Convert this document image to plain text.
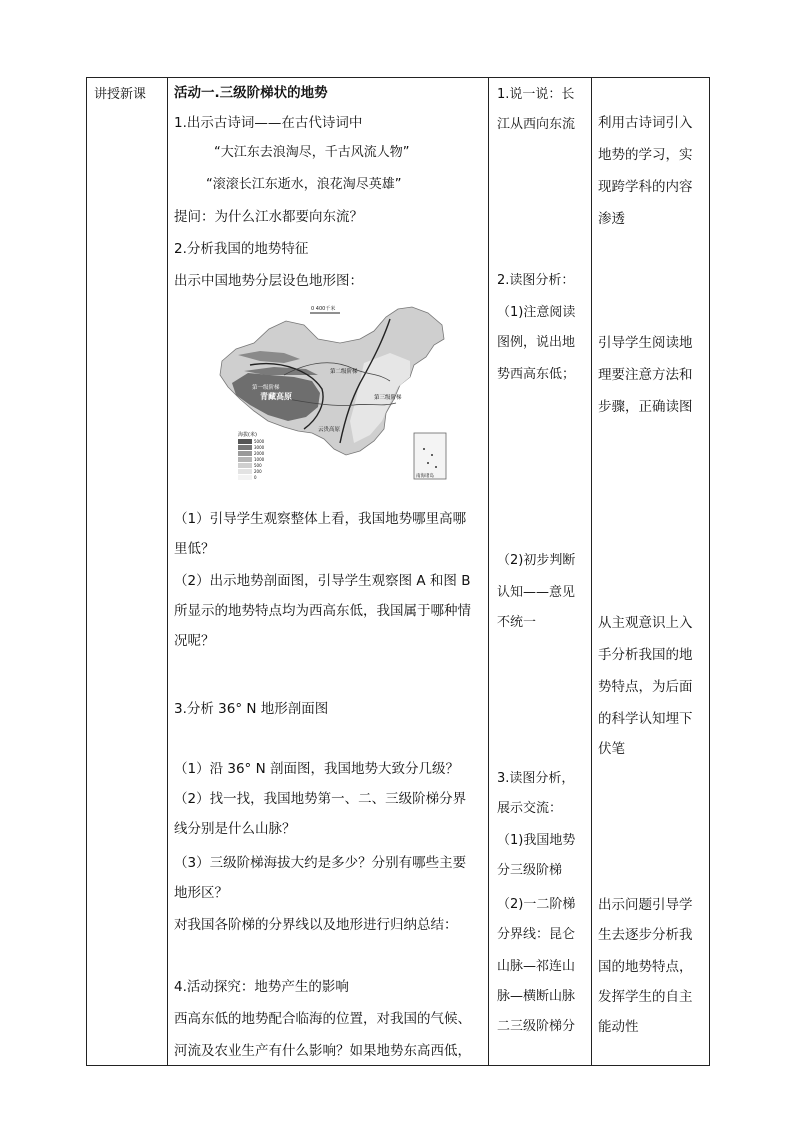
讲授新课	活动一.三级阶梯状的地势
1.出示古诗词——在古代诗词中
“大江东去浪淘尽，千古风流人物”
“滚滚长江东逝水，浪花淘尽英雄”
提问：为什么江水都要向东流？
2.分析我国的地势特征
出示中国地势分层设色地形图：
（1）引导学生观察整体上看，我国地势哪里高哪
里低？
（2）出示地势剖面图，引导学生观察图 A 和图 B
所显示的地势特点均为西高东低，我国属于哪种情
况呢？
3.分析 36° N 地形剖面图
（1）沿 36° N 剖面图，我国地势大致分几级？
（2）找一找，我国地势第一、二、三级阶梯分界
线分别是什么山脉？
（3）三级阶梯海拔大约是多少？分别有哪些主要
地形区？
对我国各阶梯的分界线以及地形进行归纳总结：
4.活动探究：地势产生的影响
西高东低的地势配合临海的位置，对我国的气候、
河流及农业生产有什么影响？如果地势东高西低，
1.说一说：长
江从西向东流
2.读图分析：
（1)注意阅读
图例，说出地
势西高东低；
（2)初步判断
认知——意见
不统一
3.读图分析，
展示交流：
（1)我国地势
分三级阶梯
（2)一二阶梯
分界线：昆仑
山脉—祁连山
脉—横断山脉
二三级阶梯分
利用古诗词引入
地势的学习，实
现跨学科的内容
渗透
引导学生阅读地
理要注意方法和
步骤，正确读图
从主观意识上入
手分析我国的地
势特点，为后面
的科学认知埋下
伏笔
出示问题引导学
生去逐步分析我
国的地势特点，
发挥学生的自主
能动性
0 400千米
青藏高原
第一级阶梯
第二级阶梯
第三级阶梯
云贵高原
南海诸岛
海拔(米)
5000
3000
2000
1000
500
200
0
